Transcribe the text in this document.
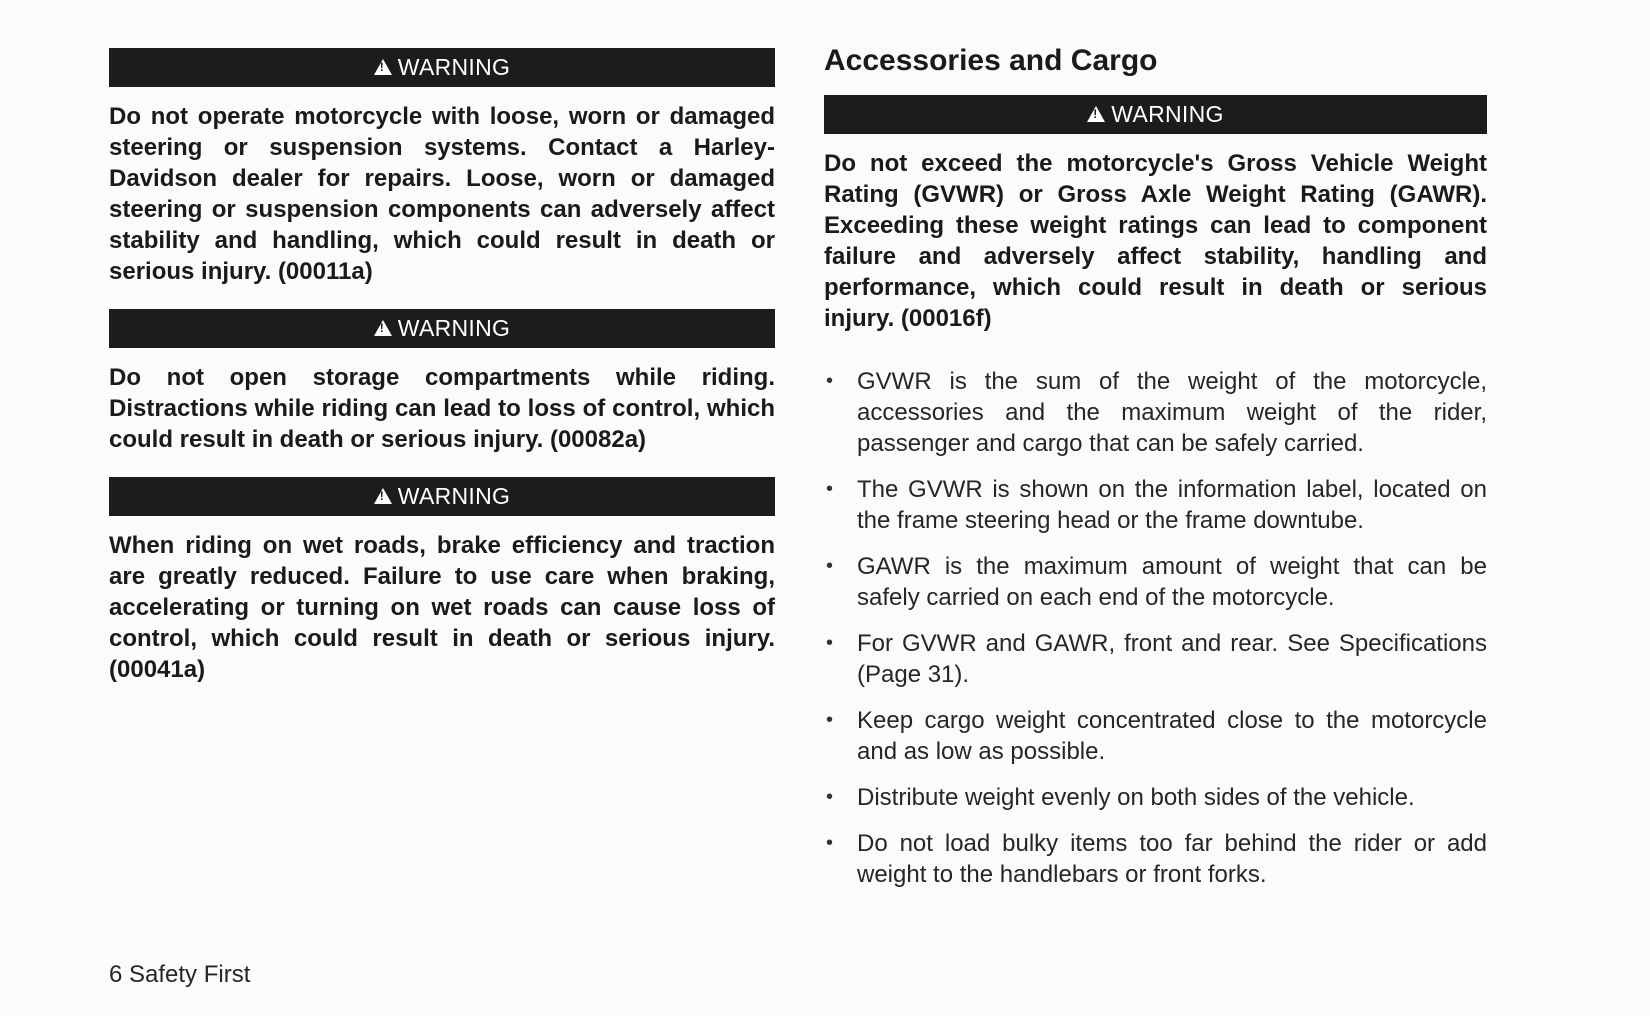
!
WARNING

Do not operate motorcycle with loose, worn or damaged steering or suspension systems. Contact a Harley-Davidson dealer for repairs. Loose, worn or damaged steering or suspension components can adversely affect stability and handling, which could result in death or serious injury. (00011a)

!
WARNING

Do not open storage compartments while riding. Distractions while riding can lead to loss of control, which could result in death or serious injury. (00082a)

!
WARNING

When riding on wet roads, brake efficiency and traction are greatly reduced. Failure to use care when braking, accelerating or turning on wet roads can cause loss of control, which could result in death or serious injury. (00041a)

Accessories and Cargo
!
WARNING

Do not exceed the motorcycle's Gross Vehicle Weight Rating (GVWR) or Gross Axle Weight Rating (GAWR). Exceeding these weight ratings can lead to component failure and adversely affect stability, handling and performance, which could result in death or serious injury. (00016f)

• GVWR is the sum of the weight of the motorcycle, accessories and the maximum weight of the rider, passenger and cargo that can be safely carried.
• The GVWR is shown on the information label, located on the frame steering head or the frame downtube.
• GAWR is the maximum amount of weight that can be safely carried on each end of the motorcycle.
• For GVWR and GAWR, front and rear. See Specifications (Page 31).
• Keep cargo weight concentrated close to the motorcycle and as low as possible.
• Distribute weight evenly on both sides of the vehicle.
• Do not load bulky items too far behind the rider or add weight to the handlebars or front forks.

6 Safety First
